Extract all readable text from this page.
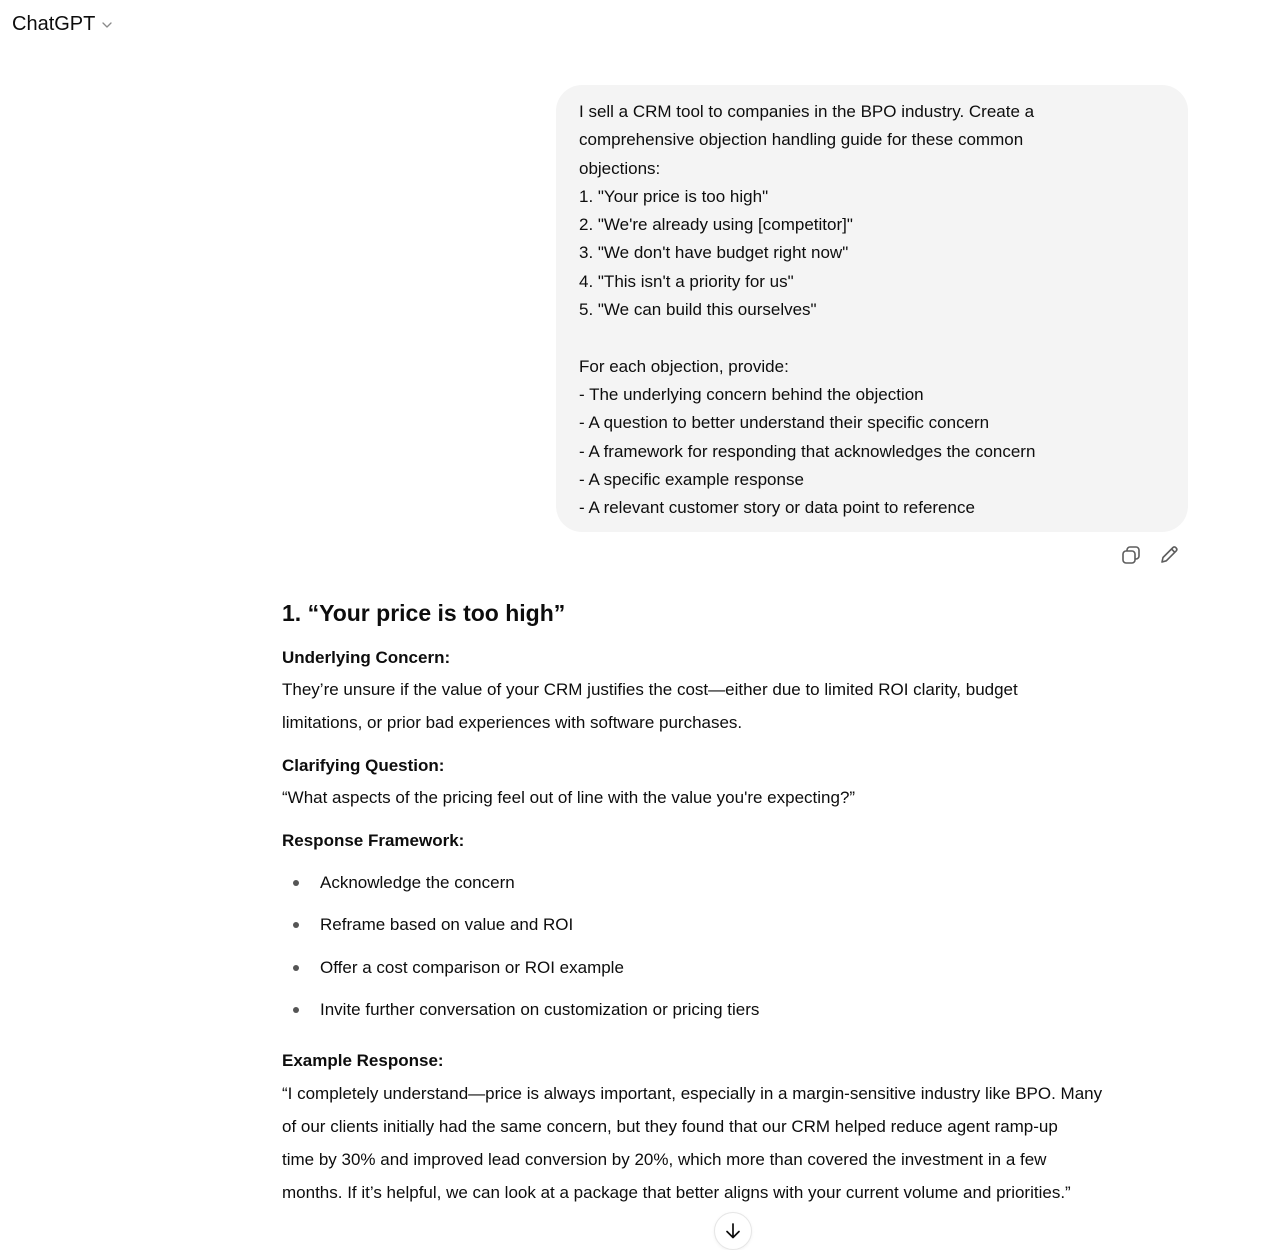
ChatGPT
I sell a CRM tool to companies in the BPO industry. Create a
comprehensive objection handling guide for these common
objections:
1. "Your price is too high"
2. "We're already using [competitor]"
3. "We don't have budget right now"
4. "This isn't a priority for us"
5. "We can build this ourselves"
For each objection, provide:
- The underlying concern behind the objection
- A question to better understand their specific concern
- A framework for responding that acknowledges the concern
- A specific example response
- A relevant customer story or data point to reference
1. “Your price is too high”
Underlying Concern:
They’re unsure if the value of your CRM justifies the cost—either due to limited ROI clarity, budget
limitations, or prior bad experiences with software purchases.
Clarifying Question:
“What aspects of the pricing feel out of line with the value you're expecting?”
Response Framework:
Acknowledge the concern
Reframe based on value and ROI
Offer a cost comparison or ROI example
Invite further conversation on customization or pricing tiers
Example Response:
“I completely understand—price is always important, especially in a margin-sensitive industry like BPO. Many
of our clients initially had the same concern, but they found that our CRM helped reduce agent ramp-up
time by 30% and improved lead conversion by 20%, which more than covered the investment in a few
months. If it’s helpful, we can look at a package that better aligns with your current volume and priorities.”
